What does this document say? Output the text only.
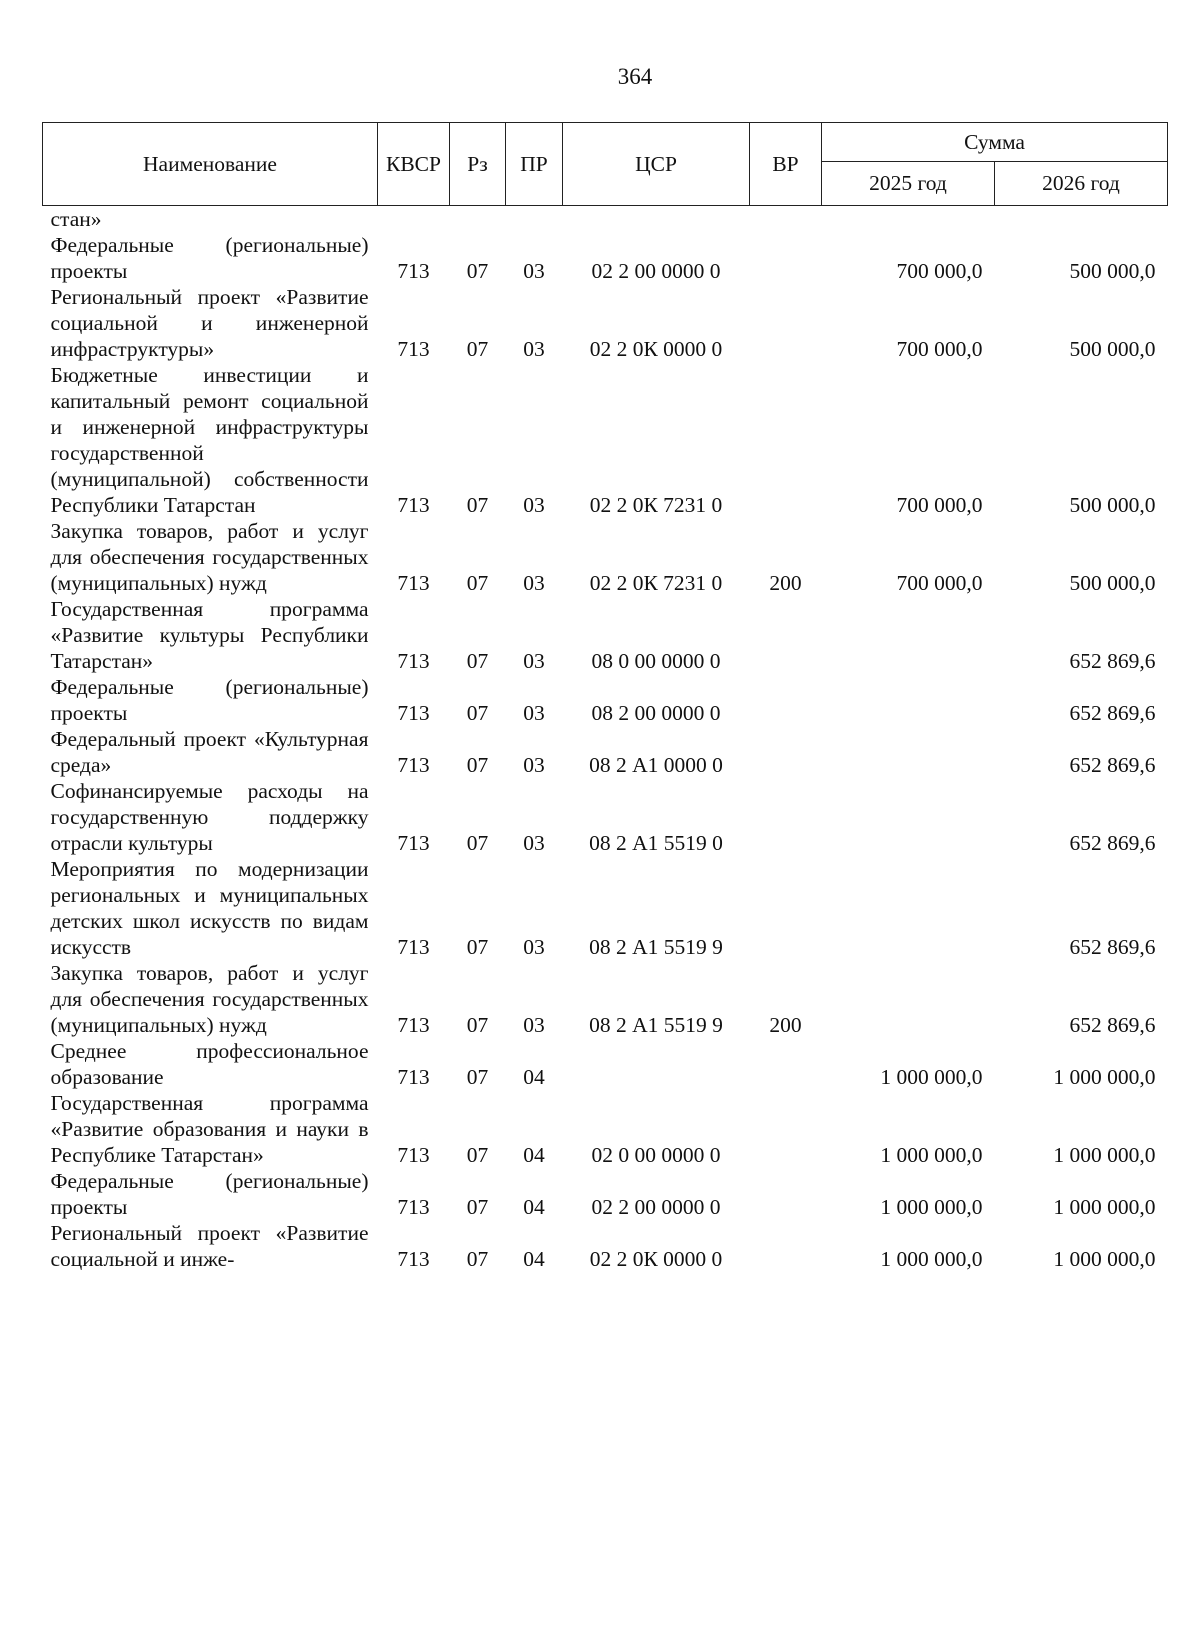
364
Наименование	КВСР	Рз	ПР	ЦСР	ВР	Сумма	
						2025 год	2026 год
стан»							
Федеральные (региональные) проекты	713	07	03	02 2 00 0000 0		700 000,0	500 000,0
Региональный проект «Развитие социальной и инженерной инфраструктуры»	713	07	03	02 2 0К 0000 0		700 000,0	500 000,0
Бюджетные инвестиции и капитальный ремонт социальной и инженерной инфраструктуры государственной (муниципальной) собственности Республики Татарстан	713	07	03	02 2 0К 7231 0		700 000,0	500 000,0
Закупка товаров, работ и услуг для обеспечения государственных (муниципальных) нужд	713	07	03	02 2 0К 7231 0	200	700 000,0	500 000,0
Государственная программа «Развитие культуры Республики Татарстан»	713	07	03	08 0 00 0000 0			652 869,6
Федеральные (региональные) проекты	713	07	03	08 2 00 0000 0			652 869,6
Федеральный проект «Культурная среда»	713	07	03	08 2 А1 0000 0			652 869,6
Софинансируемые расходы на государственную поддержку отрасли культуры	713	07	03	08 2 А1 5519 0			652 869,6
Мероприятия по модернизации региональных и муниципальных детских школ искусств по видам искусств	713	07	03	08 2 А1 5519 9			652 869,6
Закупка товаров, работ и услуг для обеспечения государственных (муниципальных) нужд	713	07	03	08 2 А1 5519 9	200		652 869,6
Среднее профессиональное образование	713	07	04			1 000 000,0	1 000 000,0
Государственная программа «Развитие образования и науки в Республике Татарстан»	713	07	04	02 0 00 0000 0		1 000 000,0	1 000 000,0
Федеральные (региональные) проекты	713	07	04	02 2 00 0000 0		1 000 000,0	1 000 000,0
Региональный проект «Развитие социальной и инже-	713	07	04	02 2 0К 0000 0		1 000 000,0	1 000 000,0
